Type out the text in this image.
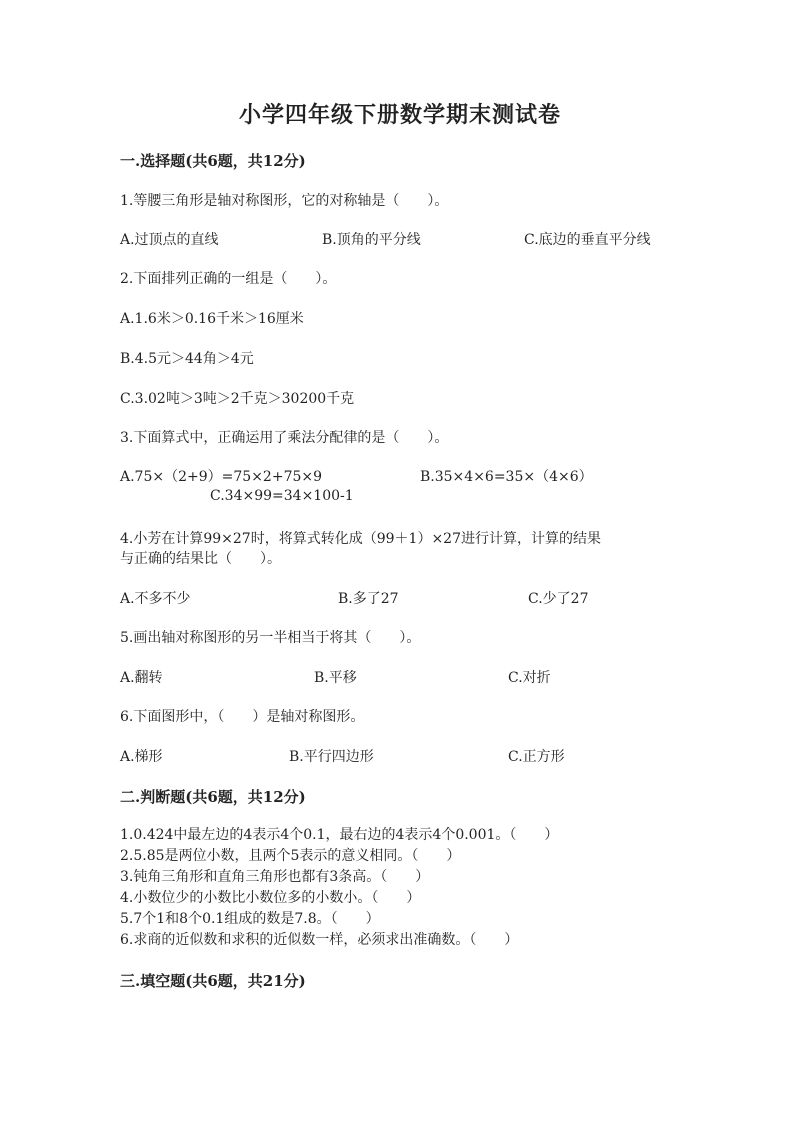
小学四年级下册数学期末测试卷
一.选择题(共6题，共12分)
1.等腰三角形是轴对称图形，它的对称轴是（　　）。
A.过顶点的直线	B.顶角的平分线	C.底边的垂直平分线
2.下面排列正确的一组是（　　）。
A.1.6米＞0.16千米＞16厘米
B.4.5元＞44角＞4元
C.3.02吨＞3吨＞2千克＞30200千克
3.下面算式中，正确运用了乘法分配律的是（　　）。
A.75×（2+9）=75×2+75×9	B.35×4×6=35×（4×6）
C.34×99=34×100-1
4.小芳在计算99×27时，将算式转化成（99＋1）×27进行计算，计算的结果
与正确的结果比（　　）。
A.不多不少	B.多了27	C.少了27
5.画出轴对称图形的另一半相当于将其（　　）。
A.翻转	B.平移	C.对折
6.下面图形中，（　　）是轴对称图形。
A.梯形	B.平行四边形	C.正方形
二.判断题(共6题，共12分)
1.0.424中最左边的4表示4个0.1，最右边的4表示4个0.001。（　　）
2.5.85是两位小数，且两个5表示的意义相同。（　　）
3.钝角三角形和直角三角形也都有3条高。（　　）
4.小数位少的小数比小数位多的小数小。（　　）
5.7个1和8个0.1组成的数是7.8。（　　）
6.求商的近似数和求积的近似数一样，必须求出准确数。（　　）
三.填空题(共6题，共21分)
